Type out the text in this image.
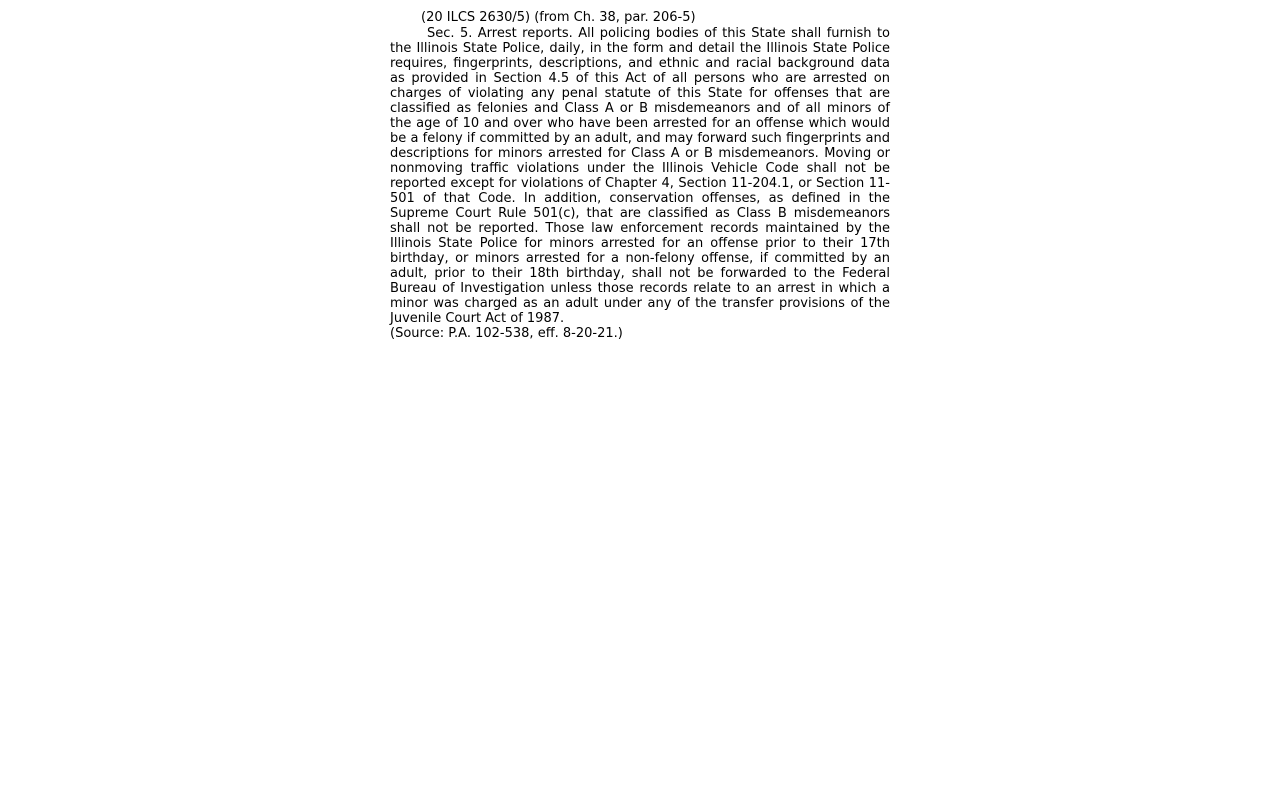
(20 ILCS 2630/5) (from Ch. 38, par. 206-5)

Sec. 5. Arrest reports. All policing bodies of this State shall furnish to the Illinois State Police, daily, in the form and detail the Illinois State Police requires, fingerprints, descriptions, and ethnic and racial background data as provided in Section 4.5 of this Act of all persons who are arrested on charges of violating any penal statute of this State for offenses that are classified as felonies and Class A or B misdemeanors and of all minors of the age of 10 and over who have been arrested for an offense which would be a felony if committed by an adult, and may forward such fingerprints and descriptions for minors arrested for Class A or B misdemeanors. Moving or nonmoving traffic violations under the Illinois Vehicle Code shall not be reported except for violations of Chapter 4, Section 11-204.1, or Section 11-501 of that Code. In addition, conservation offenses, as defined in the Supreme Court Rule 501(c), that are classified as Class B misdemeanors shall not be reported. Those law enforcement records maintained by the Illinois State Police for minors arrested for an offense prior to their 17th birthday, or minors arrested for a non-felony offense, if committed by an adult, prior to their 18th birthday, shall not be forwarded to the Federal Bureau of Investigation unless those records relate to an arrest in which a minor was charged as an adult under any of the transfer provisions of the Juvenile Court Act of 1987.

(Source: P.A. 102-538, eff. 8-20-21.)
